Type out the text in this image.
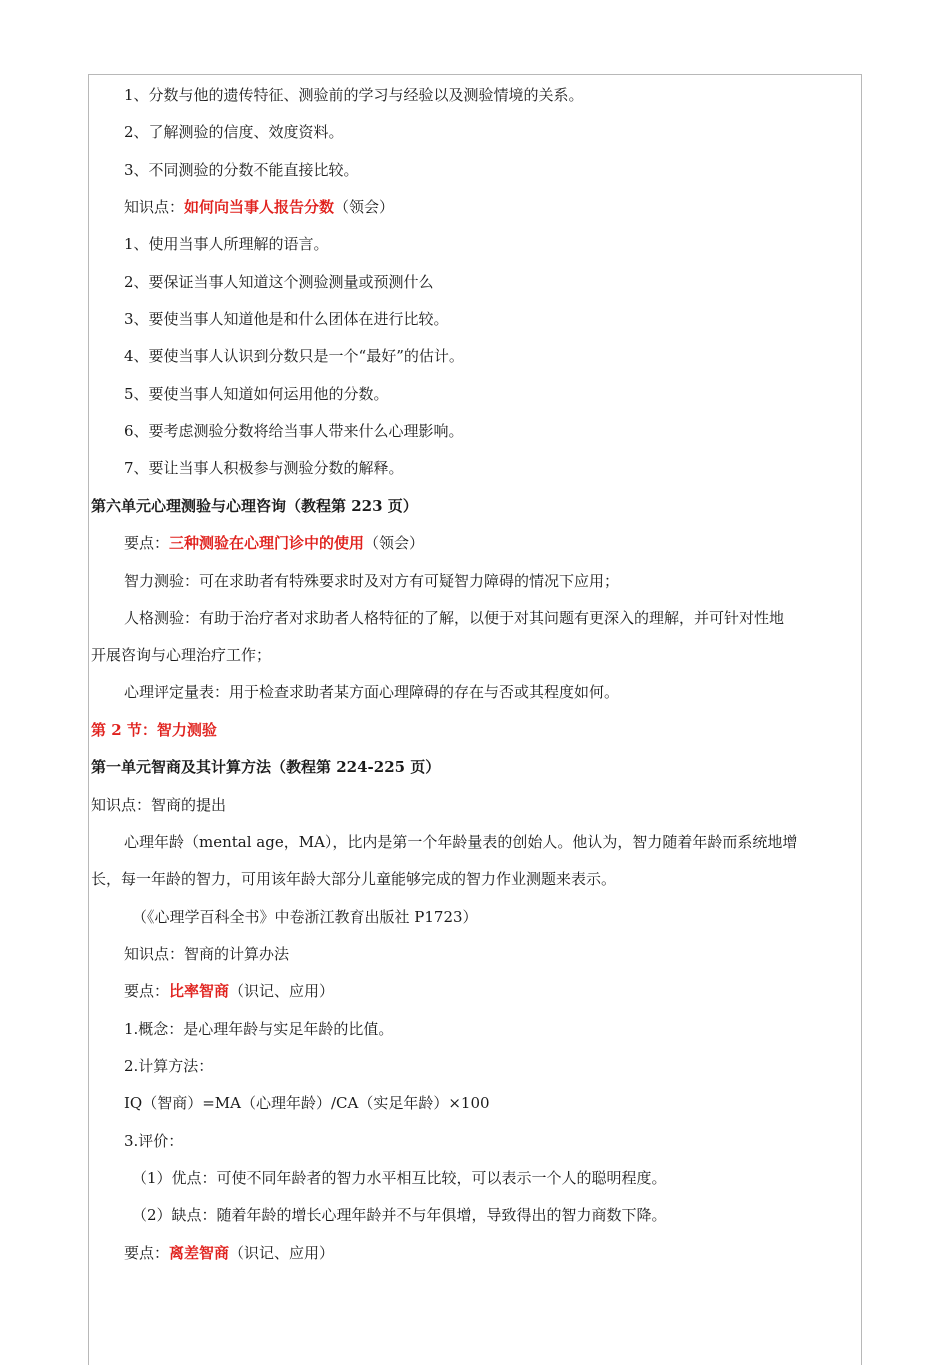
1、分数与他的遗传特征、测验前的学习与经验以及测验情境的关系。
2、了解测验的信度、效度资料。
3、不同测验的分数不能直接比较。
知识点：如何向当事人报告分数（领会）
1、使用当事人所理解的语言。
2、要保证当事人知道这个测验测量或预测什么
3、要使当事人知道他是和什么团体在进行比较。
4、要使当事人认识到分数只是一个“最好”的估计。
5、要使当事人知道如何运用他的分数。
6、要考虑测验分数将给当事人带来什么心理影响。
7、要让当事人积极参与测验分数的解释。
第六单元心理测验与心理咨询（教程第 223 页）
要点：三种测验在心理门诊中的使用（领会）
智力测验：可在求助者有特殊要求时及对方有可疑智力障碍的情况下应用；
人格测验：有助于治疗者对求助者人格特征的了解，以便于对其问题有更深入的理解，并可针对性地
开展咨询与心理治疗工作；
心理评定量表：用于检查求助者某方面心理障碍的存在与否或其程度如何。
第 2 节：智力测验
第一单元智商及其计算方法（教程第 224-225 页）
知识点：智商的提出
心理年龄（mental age，MA），比内是第一个年龄量表的创始人。他认为，智力随着年龄而系统地增
长，每一年龄的智力，可用该年龄大部分儿童能够完成的智力作业测题来表示。
（《心理学百科全书》中卷浙江教育出版社 P1723）
知识点：智商的计算办法
要点：比率智商（识记、应用）
1.概念：是心理年龄与实足年龄的比值。
2.计算方法：
IQ（智商）=MA（心理年龄）/CA（实足年龄）×100
3.评价：
（1）优点：可使不同年龄者的智力水平相互比较，可以表示一个人的聪明程度。
（2）缺点：随着年龄的增长心理年龄并不与年俱增，导致得出的智力商数下降。
要点：离差智商（识记、应用）
